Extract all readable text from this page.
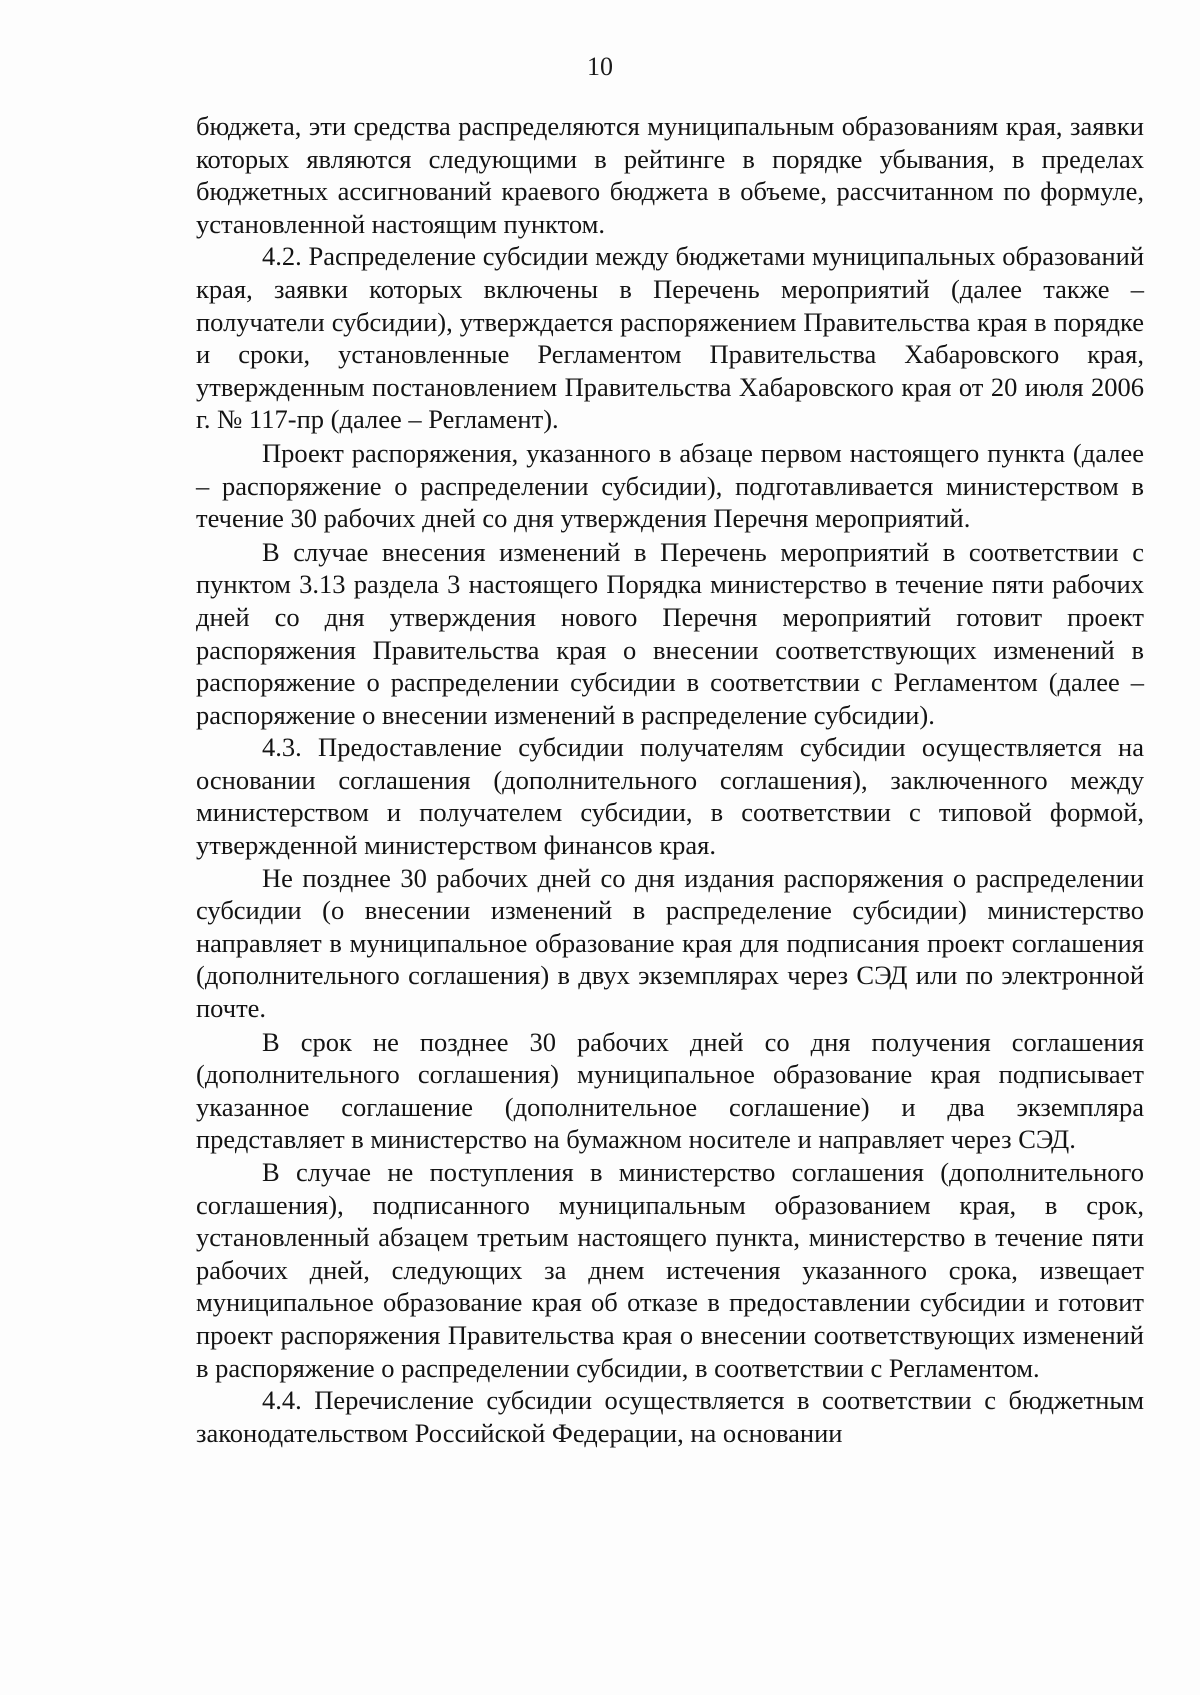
10

бюджета, эти средства распределяются муниципальным образованиям края, заявки которых являются следующими в рейтинге в порядке убывания, в пределах бюджетных ассигнований краевого бюджета в объеме, рассчитанном по формуле, установленной настоящим пунктом.

4.2. Распределение субсидии между бюджетами муниципальных образований края, заявки которых включены в Перечень мероприятий (далее также – получатели субсидии), утверждается распоряжением Правительства края в порядке и сроки, установленные Регламентом Правительства Хабаровского края, утвержденным постановлением Правительства Хабаровского края от 20 июля 2006 г. № 117-пр (далее – Регламент).

Проект распоряжения, указанного в абзаце первом настоящего пункта (далее – распоряжение о распределении субсидии), подготавливается министерством в течение 30 рабочих дней со дня утверждения Перечня мероприятий.

В случае внесения изменений в Перечень мероприятий в соответствии с пунктом 3.13 раздела 3 настоящего Порядка министерство в течение пяти рабочих дней со дня утверждения нового Перечня мероприятий готовит проект распоряжения Правительства края о внесении соответствующих изменений в распоряжение о распределении субсидии в соответствии с Регламентом (далее – распоряжение о внесении изменений в распределение субсидии).

4.3. Предоставление субсидии получателям субсидии осуществляется на основании соглашения (дополнительного соглашения), заключенного между министерством и получателем субсидии, в соответствии с типовой формой, утвержденной министерством финансов края.

Не позднее 30 рабочих дней со дня издания распоряжения о распределении субсидии (о внесении изменений в распределение субсидии) министерство направляет в муниципальное образование края для подписания проект соглашения (дополнительного соглашения) в двух экземплярах через СЭД или по электронной почте.

В срок не позднее 30 рабочих дней со дня получения соглашения (дополнительного соглашения) муниципальное образование края подписывает указанное соглашение (дополнительное соглашение) и два экземпляра представляет в министерство на бумажном носителе и направляет через СЭД.

В случае не поступления в министерство соглашения (дополнительного соглашения), подписанного муниципальным образованием края, в срок, установленный абзацем третьим настоящего пункта, министерство в течение пяти рабочих дней, следующих за днем истечения указанного срока, извещает муниципальное образование края об отказе в предоставлении субсидии и готовит проект распоряжения Правительства края о внесении соответствующих изменений в распоряжение о распределении субсидии, в соответствии с Регламентом.

4.4. Перечисление субсидии осуществляется в соответствии с бюджетным законодательством Российской Федерации, на основании
